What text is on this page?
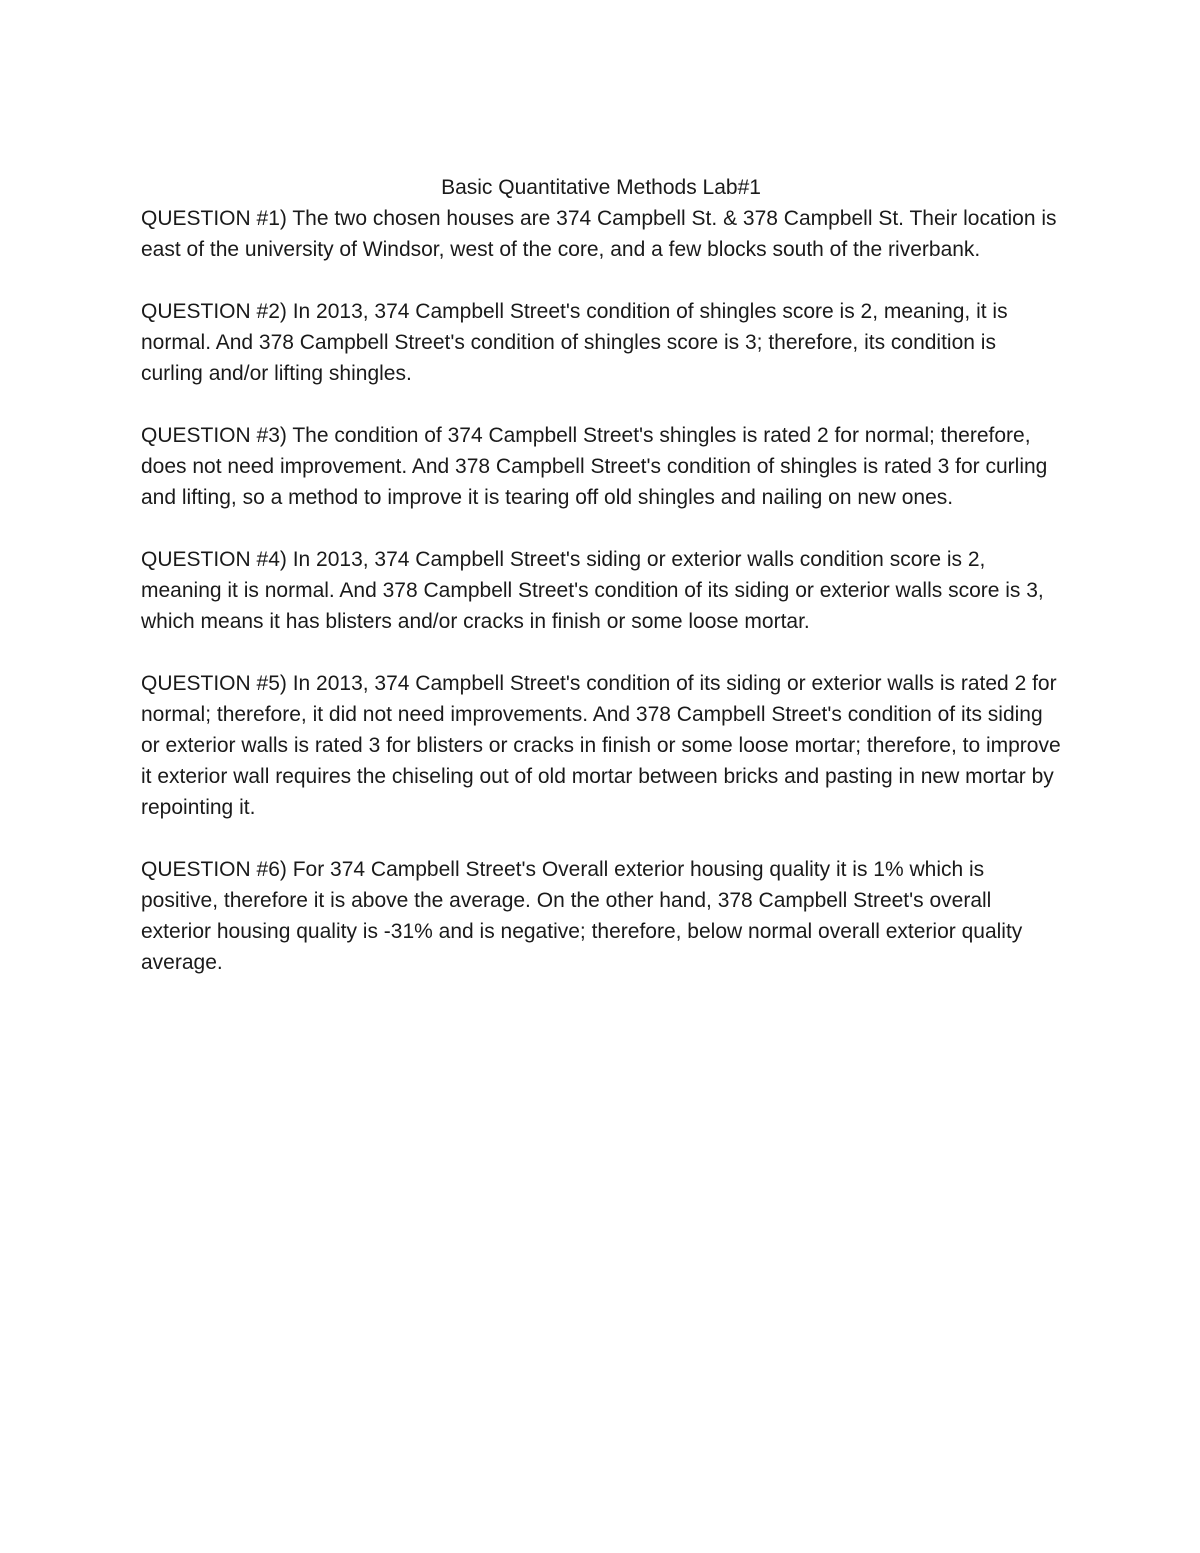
Basic Quantitative Methods Lab#1

QUESTION #1) The two chosen houses are 374 Campbell St. & 378 Campbell St. Their location is east of the university of Windsor, west of the core, and a few blocks south of the riverbank.

QUESTION #2) In 2013, 374 Campbell Street's condition of shingles score is 2, meaning, it is normal. And 378 Campbell Street's condition of shingles score is 3; therefore, its condition is curling and/or lifting shingles.

QUESTION #3) The condition of 374 Campbell Street's shingles is rated 2 for normal; therefore, does not need improvement. And 378 Campbell Street's condition of shingles is rated 3 for curling and lifting, so a method to improve it is tearing off old shingles and nailing on new ones.

QUESTION #4) In 2013, 374 Campbell Street's siding or exterior walls condition score is 2, meaning it is normal. And 378 Campbell Street's condition of its siding or exterior walls score is 3, which means it has blisters and/or cracks in finish or some loose mortar.

QUESTION #5) In 2013, 374 Campbell Street's condition of its siding or exterior walls is rated 2 for normal; therefore, it did not need improvements. And 378 Campbell Street's condition of its siding or exterior walls is rated 3 for blisters or cracks in finish or some loose mortar; therefore, to improve it exterior wall requires the chiseling out of old mortar between bricks and pasting in new mortar by repointing it.

QUESTION #6) For 374 Campbell Street's Overall exterior housing quality it is 1% which is positive, therefore it is above the average. On the other hand, 378 Campbell Street's overall exterior housing quality is -31% and is negative; therefore, below normal overall exterior quality average.
